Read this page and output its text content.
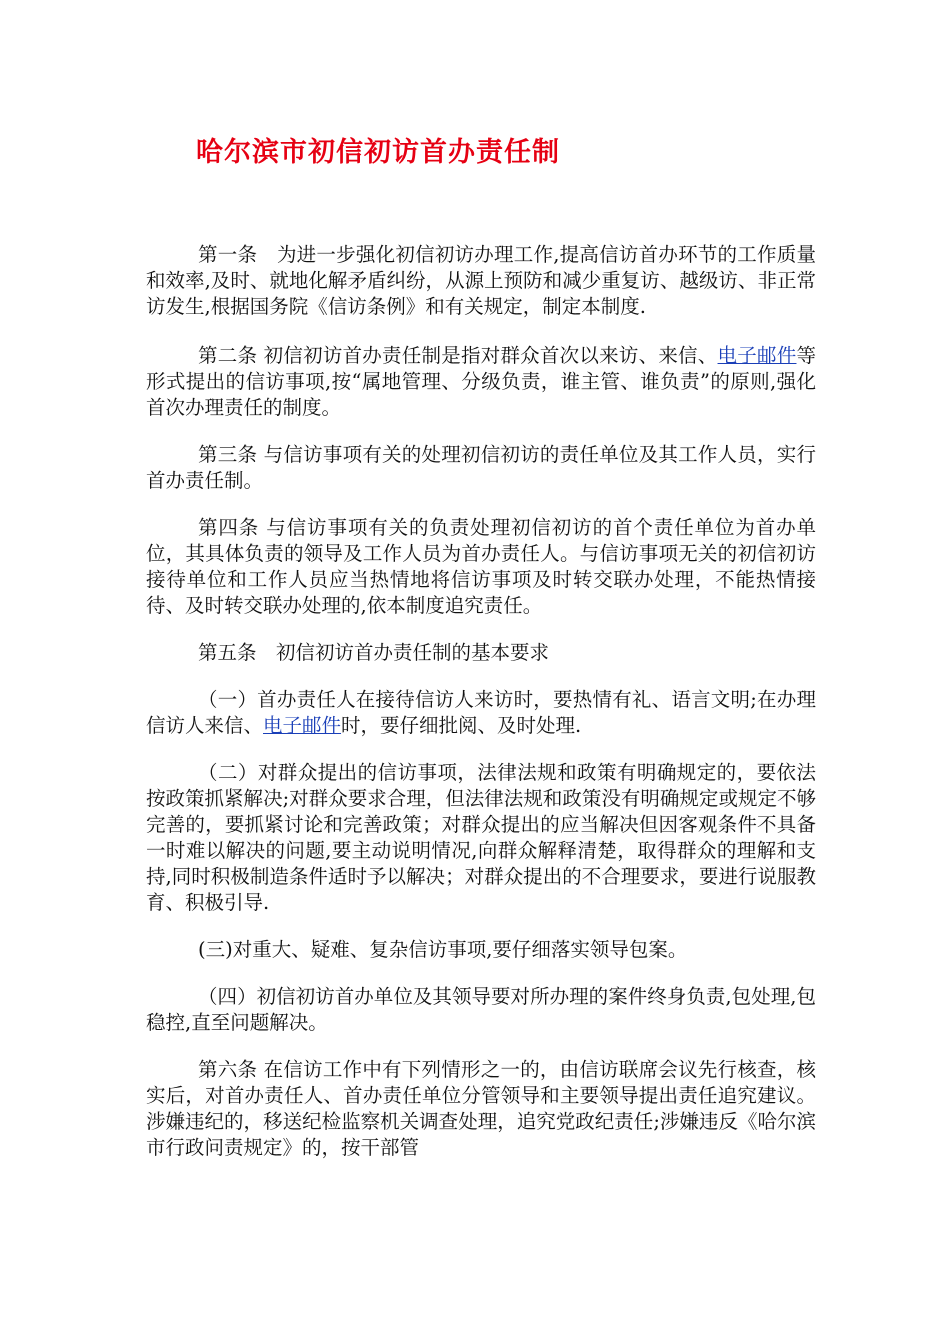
哈尔滨市初信初访首办责任制

第一条　为进一步强化初信初访办理工作,提高信访首办环节的工作质量和效率,及时、就地化解矛盾纠纷，从源上预防和减少重复访、越级访、非正常访发生,根据国务院《信访条例》和有关规定，制定本制度.

第二条 初信初访首办责任制是指对群众首次以来访、来信、电子邮件等形式提出的信访事项,按“属地管理、分级负责，谁主管、谁负责”的原则,强化首次办理责任的制度。

第三条 与信访事项有关的处理初信初访的责任单位及其工作人员，实行首办责任制。

第四条 与信访事项有关的负责处理初信初访的首个责任单位为首办单位，其具体负责的领导及工作人员为首办责任人。与信访事项无关的初信初访接待单位和工作人员应当热情地将信访事项及时转交联办处理，不能热情接待、及时转交联办处理的,依本制度追究责任。

第五条　初信初访首办责任制的基本要求

（一）首办责任人在接待信访人来访时，要热情有礼、语言文明;在办理信访人来信、电子邮件时，要仔细批阅、及时处理.

（二）对群众提出的信访事项，法律法规和政策有明确规定的，要依法按政策抓紧解决;对群众要求合理，但法律法规和政策没有明确规定或规定不够完善的，要抓紧讨论和完善政策；对群众提出的应当解决但因客观条件不具备一时难以解决的问题,要主动说明情况,向群众解释清楚，取得群众的理解和支持,同时积极制造条件适时予以解决；对群众提出的不合理要求，要进行说服教育、积极引导.

(三)对重大、疑难、复杂信访事项,要仔细落实领导包案。

（四）初信初访首办单位及其领导要对所办理的案件终身负责,包处理,包稳控,直至问题解决。

第六条 在信访工作中有下列情形之一的，由信访联席会议先行核查，核实后，对首办责任人、首办责任单位分管领导和主要领导提出责任追究建议。涉嫌违纪的，移送纪检监察机关调查处理，追究党政纪责任;涉嫌违反《哈尔滨市行政问责规定》的，按干部管
